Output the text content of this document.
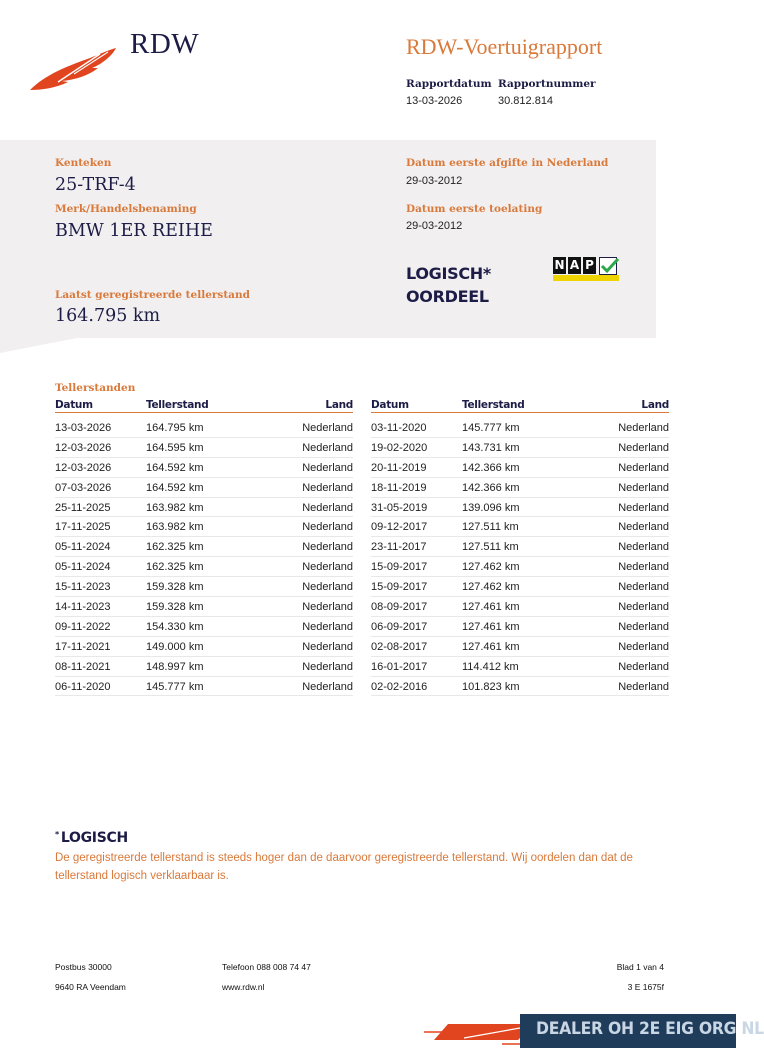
RDW	RDW-Voertuigrapport
Rapportdatum
13-03-2026
Rapportnummer
30.812.814
Kenteken
25-TRF-4
Merk/Handelsbenaming
BMW 1ER REIHE
Datum eerste afgifte in Nederland
29-03-2012
Datum eerste toelating
29-03-2012
Laatst geregistreerde tellerstand
164.795 km
LOGISCH*
OORDEEL
N A P
Tellerstanden
Datum	Tellerstand	Land
13-03-2026	164.795 km	Nederland
12-03-2026	164.595 km	Nederland
12-03-2026	164.592 km	Nederland
07-03-2026	164.592 km	Nederland
25-11-2025	163.982 km	Nederland
17-11-2025	163.982 km	Nederland
05-11-2024	162.325 km	Nederland
05-11-2024	162.325 km	Nederland
15-11-2023	159.328 km	Nederland
14-11-2023	159.328 km	Nederland
09-11-2022	154.330 km	Nederland
17-11-2021	149.000 km	Nederland
08-11-2021	148.997 km	Nederland
06-11-2020	145.777 km	Nederland
Datum	Tellerstand	Land
03-11-2020	145.777 km	Nederland
19-02-2020	143.731 km	Nederland
20-11-2019	142.366 km	Nederland
18-11-2019	142.366 km	Nederland
31-05-2019	139.096 km	Nederland
09-12-2017	127.511 km	Nederland
23-11-2017	127.511 km	Nederland
15-09-2017	127.462 km	Nederland
15-09-2017	127.462 km	Nederland
08-09-2017	127.461 km	Nederland
06-09-2017	127.461 km	Nederland
02-08-2017	127.461 km	Nederland
16-01-2017	114.412 km	Nederland
02-02-2016	101.823 km	Nederland
* LOGISCH
De geregistreerde tellerstand is steeds hoger dan de daarvoor geregistreerde tellerstand. Wij oordelen dan dat de tellerstand logisch verklaarbaar is.
Postbus 30000
9640 RA Veendam
Telefoon 088 008 74 47
www.rdw.nl
Blad 1 van 4
3 E 1675f
DEALER OH 2E EIG ORG NL
